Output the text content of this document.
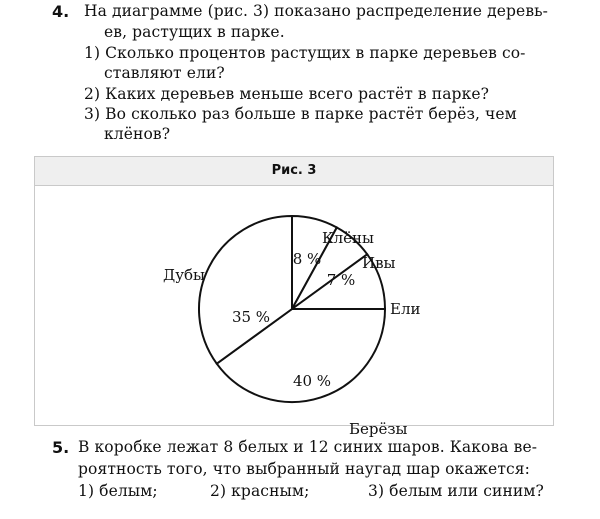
4. На диаграмме (рис. 3) показано распределение деревь-
ев, растущих в парке.
1) Сколько процентов растущих в парке деревьев со-
ставляют ели?
2) Каких деревьев меньше всего растёт в парке?
3) Во сколько раз больше в парке растёт берёз, чем
клёнов?
Рис. 3
Клёны
8 %	Ивы
7 %
Ели
Берёзы
40 %
Дубы
35 %
5. В коробке лежат 8 белых и 12 синих шаров. Какова ве-
роятность того, что выбранный наугад шар окажется:
1) белым;	2) красным;	3) белым или синим?
